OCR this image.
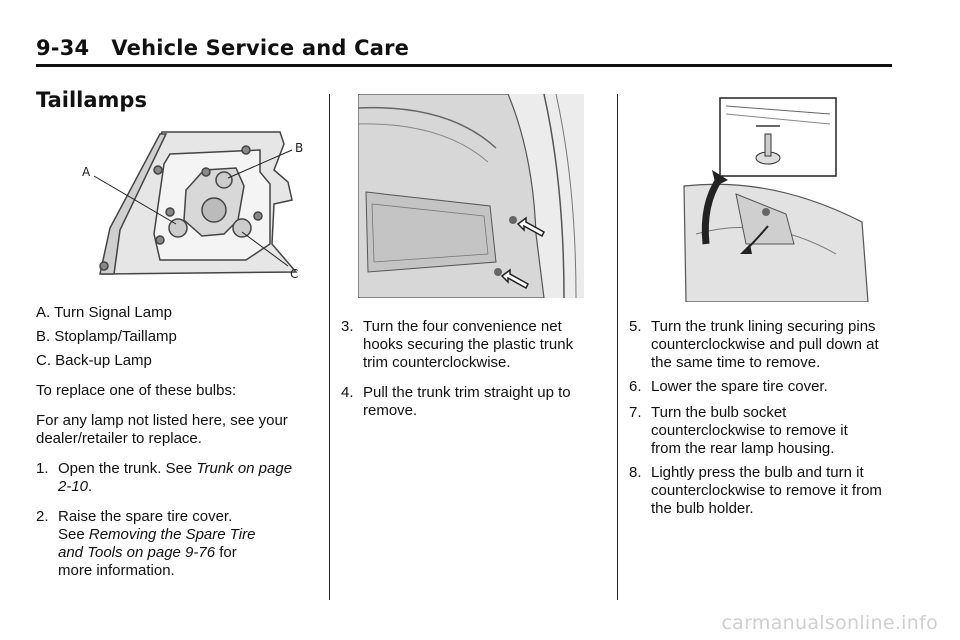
9-34 Vehicle Service and Care
Taillamps
A
B
C
A. Turn Signal Lamp
B. Stoplamp/Taillamp
C. Back-up Lamp
To replace one of these bulbs:
For any lamp not listed here, see your dealer/retailer to replace.
1. Open the trunk. See Trunk on page 2-10.
2. Raise the spare tire cover. See Removing the Spare Tire and Tools on page 9-76 for more information.
3. Turn the four convenience net hooks securing the plastic trunk trim counterclockwise.
4. Pull the trunk trim straight up to remove.
5. Turn the trunk lining securing pins counterclockwise and pull down at the same time to remove.
6. Lower the spare tire cover.
7. Turn the bulb socket counterclockwise to remove it from the rear lamp housing.
8. Lightly press the bulb and turn it counterclockwise to remove it from the bulb holder.
carmanualsonline.info
